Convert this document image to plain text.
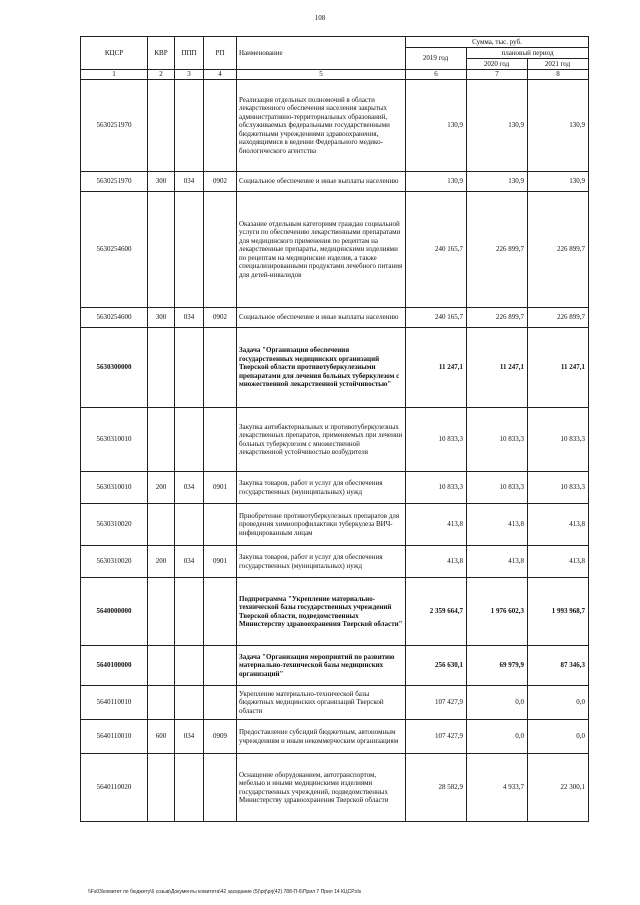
108
КЦСР	КВР	ППП	РП	Наименование	Сумма, тыс. руб.		
					2019 год	плановый период	
						2020 год	2021 год
1	2	3	4	5	6	7	8
5630251970				Реализация отдельных полномочий в области лекарственного обеспечения населения закрытых административно-территориальных образований, обслуживаемых федеральными государственными бюджетными учреждениями здравоохранения, находящимися в ведении Федерального медико-биологического агентства	130,9	130,9	130,9
5630251970	300	034	0902	Социальное обеспечение и иные выплаты населению	130,9	130,9	130,9
5630254600				Оказание отдельным категориям граждан социальной услуги по обеспечению лекарственными препаратами для медицинского применения по рецептам на лекарственные препараты, медицинскими изделиями по рецептам на медицинские изделия, а также специализированными продуктами лечебного питания для детей-инвалидов	240 165,7	226 899,7	226 899,7
5630254600	300	034	0902	Социальное обеспечение и иные выплаты населению	240 165,7	226 899,7	226 899,7
5630300000				Задача "Организация обеспечения государственных медицинских организаций Тверской области противотуберкулезными препаратами для лечения больных туберкулезом с множественной лекарственной устойчивостью"	11 247,1	11 247,1	11 247,1
5630310010				Закупка антибактериальных и противотуберкулезных лекарственных препаратов, применяемых при лечении больных туберкулезом с множественной лекарственной устойчивостью возбудителя	10 833,3	10 833,3	10 833,3
5630310010	200	034	0901	Закупка товаров, работ и услуг для обеспечения государственных (муниципальных) нужд	10 833,3	10 833,3	10 833,3
5630310020				Приобретение противотуберкулезных препаратов для проведения химиопрофилактики туберкулеза ВИЧ-инфицированным лицам	413,8	413,8	413,8
5630310020	200	034	0901	Закупка товаров, работ и услуг для обеспечения государственных (муниципальных) нужд	413,8	413,8	413,8
5640000000				Подпрограмма "Укрепление материально-технической базы государственных учреждений Тверской области, подведомственных Министерству здравоохранения Тверской области"	2 359 664,7	1 976 602,3	1 993 968,7
5640100000				Задача "Организация мероприятий по развитию материально-технической базы медицинских организаций"	256 630,1	69 979,9	87 346,3
5640110010				Укрепление материально-технической базы бюджетных медицинских организаций Тверской области	107 427,9	0,0	0,0
5640110010	600	034	0909	Предоставление субсидий бюджетным, автономным учреждениям и иным некоммерческим организациям	107 427,9	0,0	0,0
5640110020				Оснащение оборудованием, автотранспортом, мебелью и иными медицинскими изделиями государственных учреждений, подведомственных Министерству здравоохранения Тверской области	28 582,9	4 933,7	22 300,1
\\Fs03\комитет по бюджету\6 созыв\Документы комитета\42 заседание (5)\prj\prj(42) 788-П-6\Прил 7 Прил 14 КЦСР.xls
